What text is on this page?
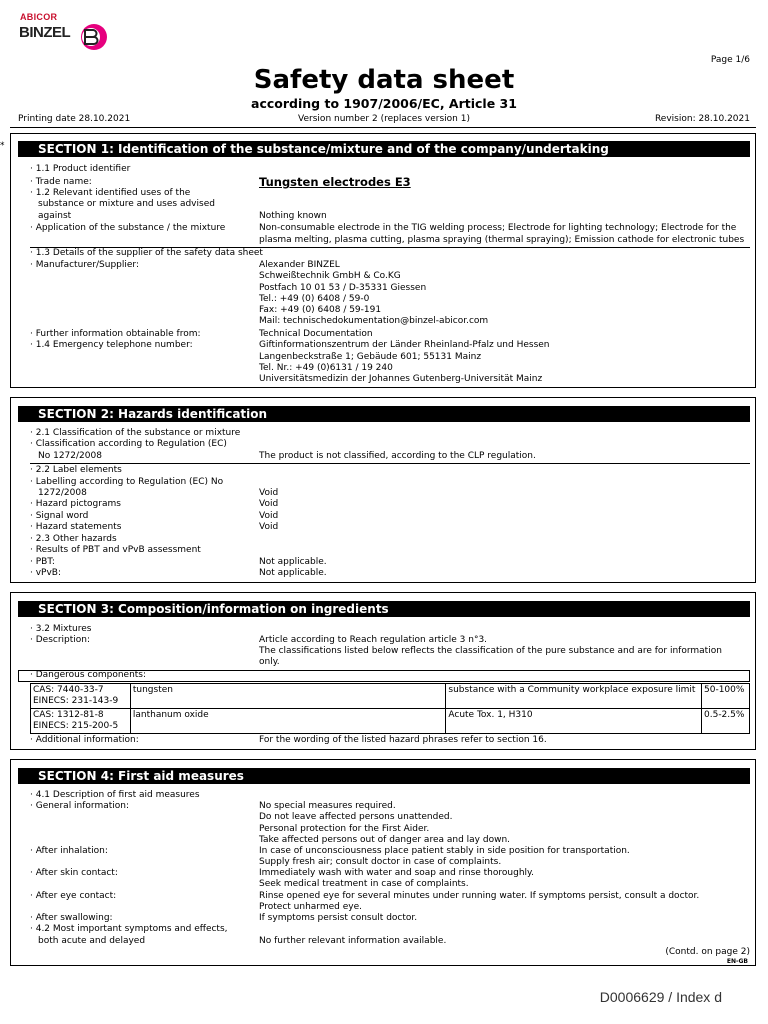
ABICOR
BINZEL
Page 1/6
Safety data sheet
according to 1907/2006/EC, Article 31
Printing date 28.10.2021	Version number 2 (replaces version 1)	Revision: 28.10.2021
*	SECTION 1: Identification of the substance/mixture and of the company/undertaking
· 1.1 Product identifier
· Trade name:	Tungsten electrodes E3
· 1.2 Relevant identified uses of the
substance or mixture and uses advised
against	Nothing known
· Application of the substance / the mixture	Non-consumable electrode in the TIG welding process; Electrode for lighting technology; Electrode for the
plasma melting, plasma cutting, plasma spraying (thermal spraying); Emission cathode for electronic tubes
· 1.3 Details of the supplier of the safety data sheet
· Manufacturer/Supplier:	Alexander BINZEL
Schweißtechnik GmbH & Co.KG
Postfach 10 01 53 / D-35331 Giessen
Tel.: +49 (0) 6408 / 59-0
Fax: +49 (0) 6408 / 59-191
Mail: technischedokumentation@binzel-abicor.com
· Further information obtainable from:	Technical Documentation
· 1.4 Emergency telephone number:	Giftinformationszentrum der Länder Rheinland-Pfalz und Hessen
Langenbeckstraße 1; Gebäude 601; 55131 Mainz
Tel. Nr.: +49 (0)6131 / 19 240
Universitätsmedizin der Johannes Gutenberg-Universität Mainz
SECTION 2: Hazards identification
· 2.1 Classification of the substance or mixture
· Classification according to Regulation (EC)
No 1272/2008	The product is not classified, according to the CLP regulation.
· 2.2 Label elements
· Labelling according to Regulation (EC) No
1272/2008	Void
· Hazard pictograms	Void
· Signal word	Void
· Hazard statements	Void
· 2.3 Other hazards
· Results of PBT and vPvB assessment
· PBT:	Not applicable.
· vPvB:	Not applicable.
SECTION 3: Composition/information on ingredients
· 3.2 Mixtures
· Description:	Article according to Reach regulation article 3 n°3.
The classifications listed below reflects the classification of the pure substance and are for information
only.
· Dangerous components:
CAS: 7440-33-7
EINECS: 231-143-9	tungsten	substance with a Community workplace exposure limit	50-100%

CAS: 1312-81-8
EINECS: 215-200-5	lanthanum oxide	Acute Tox. 1, H310	0.5-2.5%
· Additional information:	For the wording of the listed hazard phrases refer to section 16.
SECTION 4: First aid measures
· 4.1 Description of first aid measures
· General information:	No special measures required.
Do not leave affected persons unattended.
Personal protection for the First Aider.
Take affected persons out of danger area and lay down.
· After inhalation:	In case of unconsciousness place patient stably in side position for transportation.
Supply fresh air; consult doctor in case of complaints.
· After skin contact:	Immediately wash with water and soap and rinse thoroughly.
Seek medical treatment in case of complaints.
· After eye contact:	Rinse opened eye for several minutes under running water. If symptoms persist, consult a doctor.
Protect unharmed eye.
· After swallowing:	If symptoms persist consult doctor.
· 4.2 Most important symptoms and effects,
both acute and delayed	No further relevant information available.
(Contd. on page 2)
EN-GB
D0006629 / Index d
